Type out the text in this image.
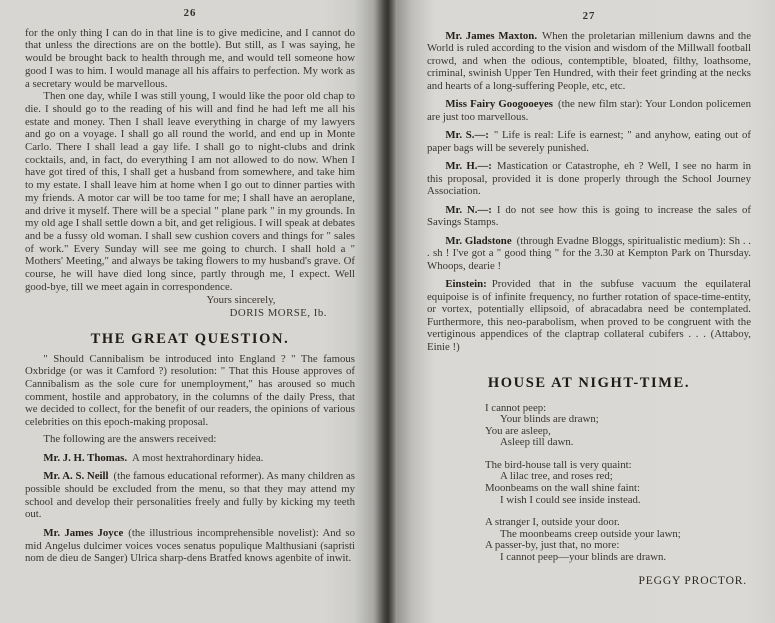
26

for the only thing I can do in that line is to give medicine, and I cannot do that unless the directions are on the bottle). But still, as I was saying, he would be brought back to health through me, and would tell someone how good I was to him. I would manage all his affairs to perfection. My work as a secretary would be marvellous.

Then one day, while I was still young, I would like the poor old chap to die. I should go to the reading of his will and find he had left me all his estate and money. Then I shall leave everything in charge of my lawyers and go on a voyage. I shall go all round the world, and end up in Monte Carlo. There I shall lead a gay life. I shall go to night-clubs and drink cocktails, and, in fact, do everything I am not allowed to do now. When I have got tired of this, I shall get a husband from somewhere, and take him to my estate. I shall leave him at home when I go out to dinner parties with my friends. A motor car will be too tame for me; I shall have an aeroplane, and drive it myself. There will be a special " plane park " in my grounds. In my old age I shall settle down a bit, and get religious. I will speak at debates and be a fussy old woman. I shall sew cushion covers and things for " sales of work." Every Sunday will see me going to church. I shall hold a " Mothers' Meeting," and always be taking flowers to my husband's grave. Of course, he will have died long since, partly through me, I expect. Well good-bye, till we meet again in correspondence.

Yours sincerely,

DORIS MORSE, Ib.

THE GREAT QUESTION.

" Should Cannibalism be introduced into England ? " The famous Oxbridge (or was it Camford ?) resolution: " That this House approves of Cannibalism as the sole cure for unemployment," has aroused so much comment, hostile and approbatory, in the columns of the daily Press, that we decided to collect, for the benefit of our readers, the opinions of various celebrities on this epoch-making proposal.

The following are the answers received:

Mr. J. H. Thomas. A most hextrahordinary hidea.

Mr. A. S. Neill (the famous educational reformer). As many children as possible should be excluded from the menu, so that they may attend my school and develop their personalities freely and fully by kicking my teeth out.

Mr. James Joyce (the illustrious incomprehensible novelist): And so mid Angelus dulcimer voices voces senatus populique Malthusiani (sapristi nom de dieu de Sanger) Ulrica sharp-dens Bratfed knows agenbite of inwit.

27

Mr. James Maxton. When the proletarian millenium dawns and the World is ruled according to the vision and wisdom of the Millwall football crowd, and when the odious, contemptible, bloated, filthy, loathsome, criminal, swinish Upper Ten Hundred, with their feet grinding at the necks and hearts of a long-suffering People, etc, etc.

Miss Fairy Googooeyes (the new film star): Your London policemen are just too marvellous.

Mr. S.—: " Life is real: Life is earnest; " and anyhow, eating out of paper bags will be severely punished.

Mr. H.—: Mastication or Catastrophe, eh ? Well, I see no harm in this proposal, provided it is done properly through the School Journey Association.

Mr. N.—: I do not see how this is going to increase the sales of Savings Stamps.

Mr. Gladstone (through Evadne Bloggs, spiritualistic medium): Sh . . . sh ! I've got a " good thing " for the 3.30 at Kempton Park on Thursday. Whoops, dearie !

Einstein: Provided that in the subfuse vacuum the equilateral equipoise is of infinite frequency, no further rotation of space-time-entity, or vortex, potentially ellipsoid, of abracadabra need be contemplated. Furthermore, this neo-parabolism, when proved to be congruent with the vertiginous appendices of the claptrap collateral cubifers . . . (Attaboy, Einie !)

HOUSE AT NIGHT-TIME.

I cannot peep:

Your blinds are drawn;

You are asleep,

Asleep till dawn.

The bird-house tall is very quaint:

A lilac tree, and roses red;

Moonbeams on the wall shine faint:

I wish I could see inside instead.

A stranger I, outside your door.

The moonbeams creep outside your lawn;

A passer-by, just that, no more:

I cannot peep—your blinds are drawn.

PEGGY PROCTOR.
